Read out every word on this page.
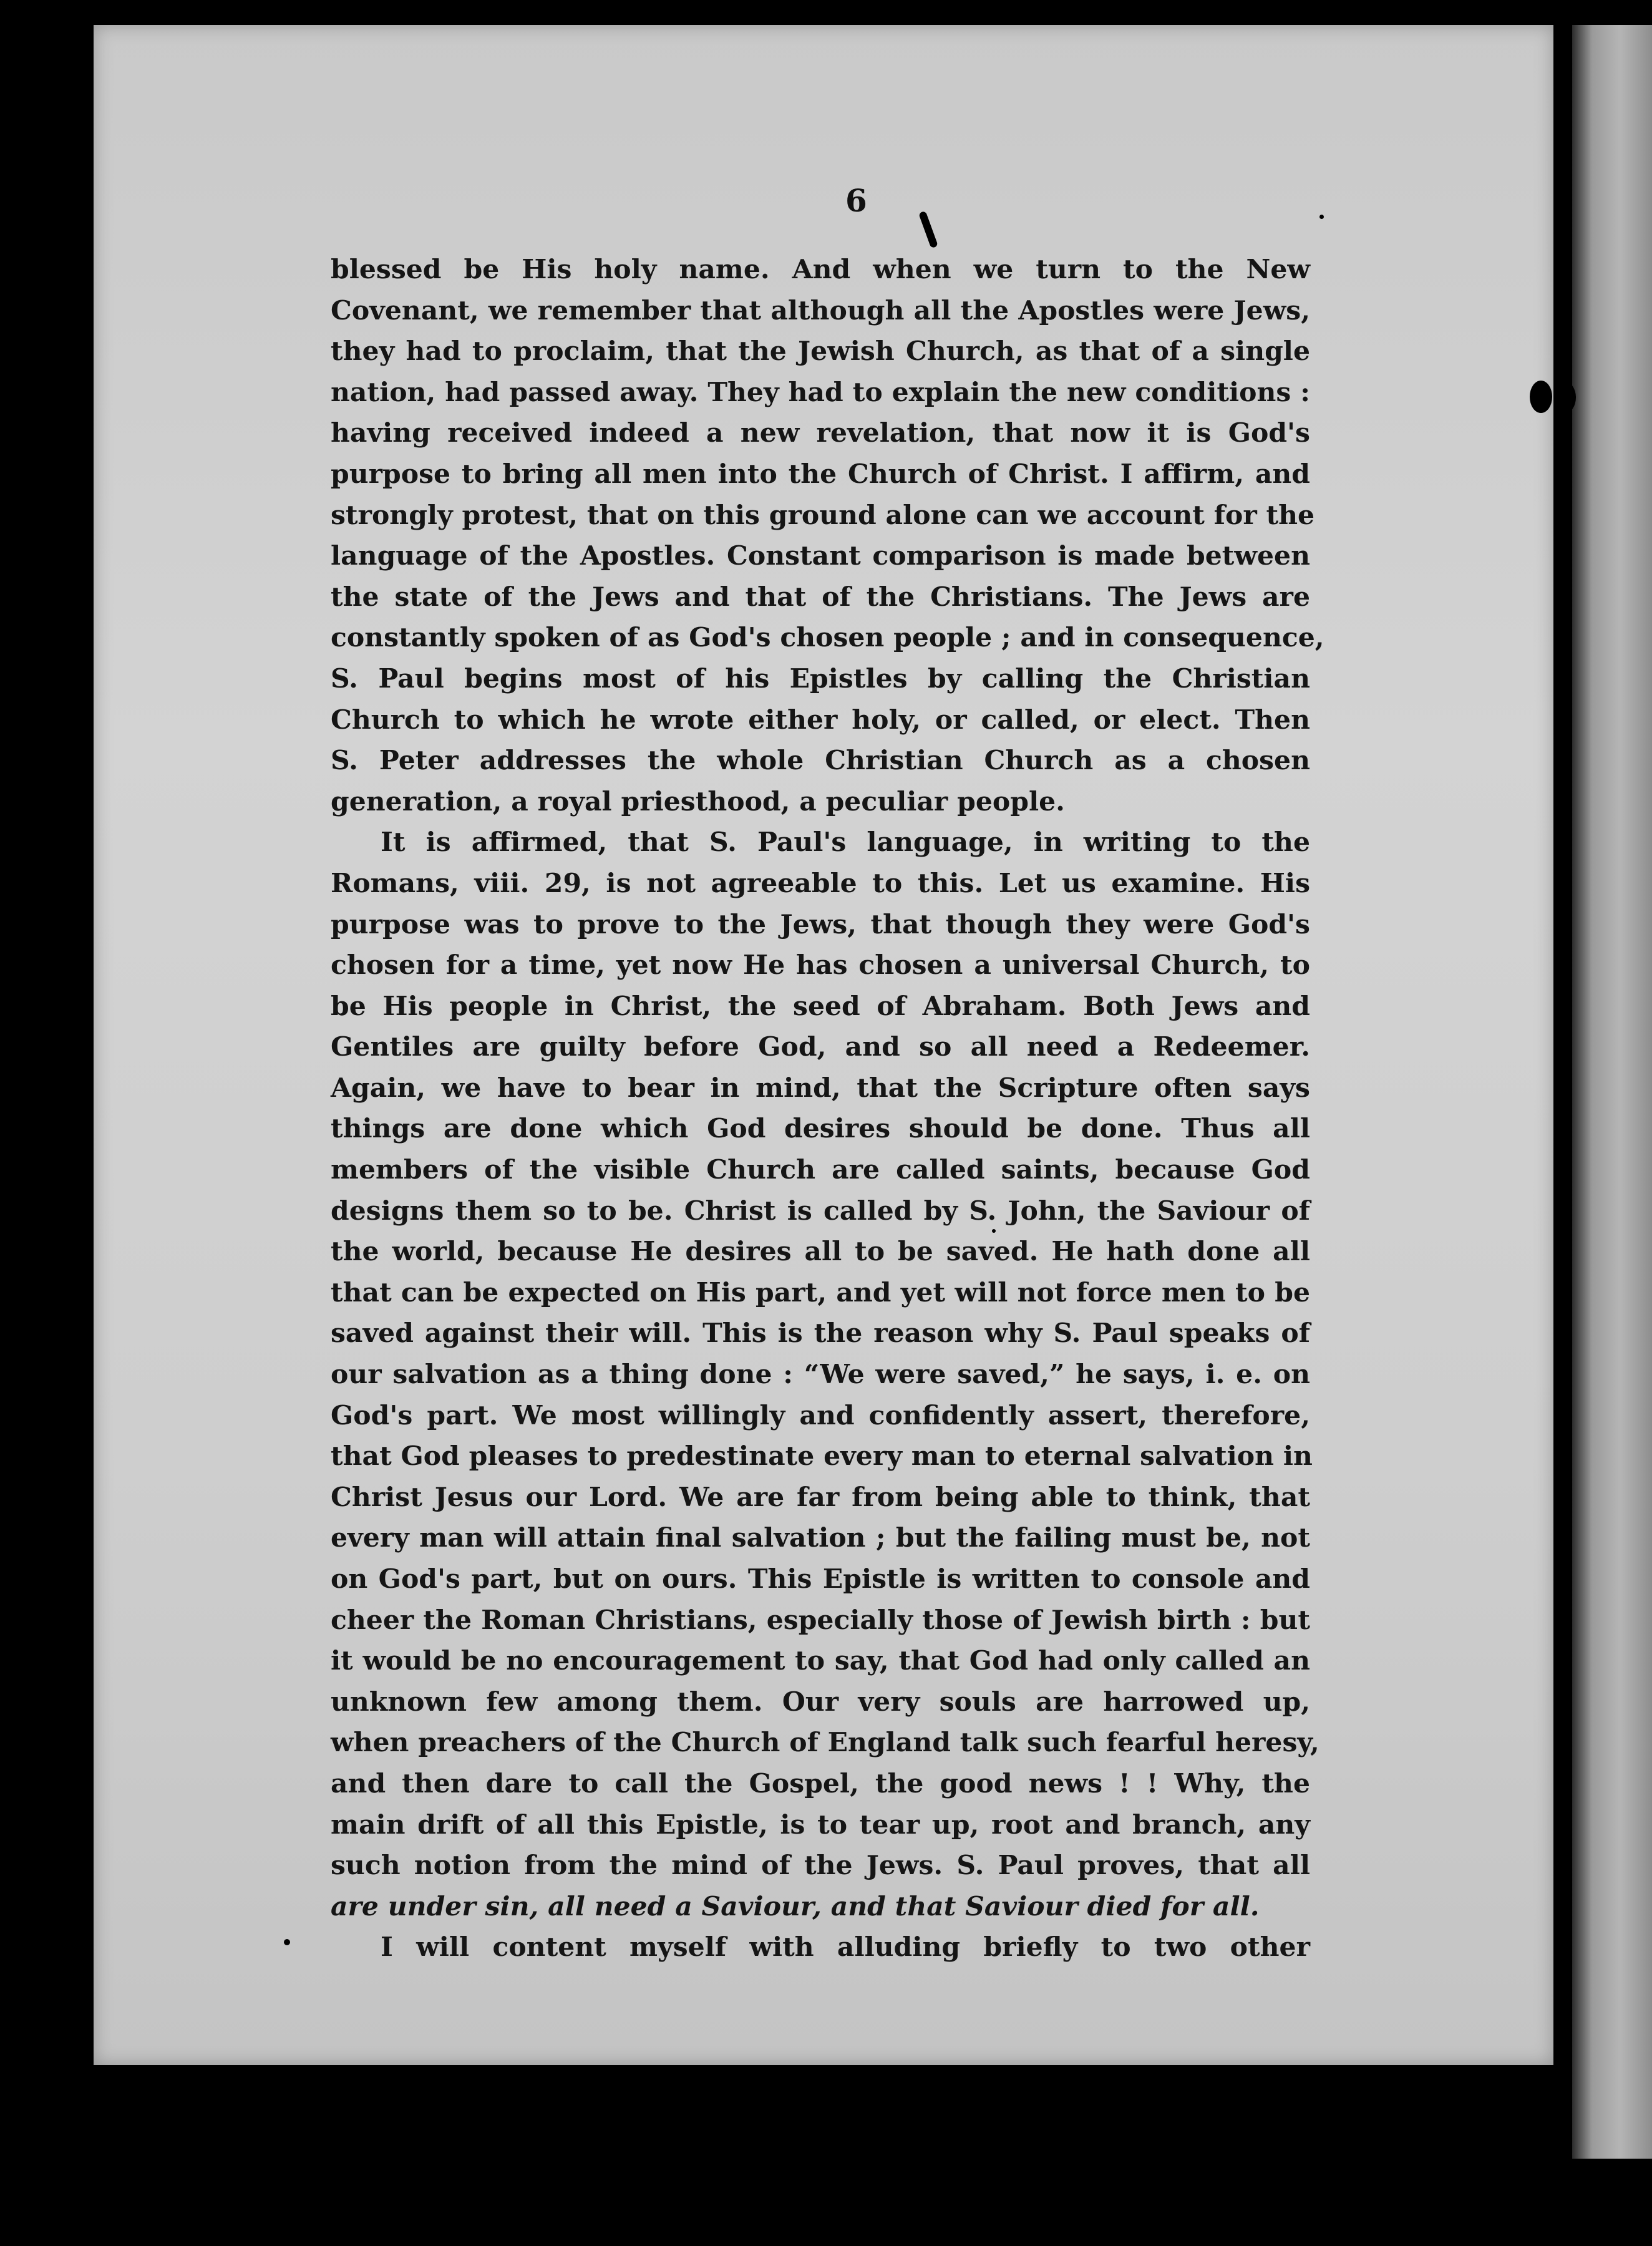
6
blessed be His holy name. And when we turn to the New
Covenant, we remember that although all the Apostles were Jews,
they had to proclaim, that the Jewish Church, as that of a single
nation, had passed away. They had to explain the new conditions :
having received indeed a new revelation, that now it is God's
purpose to bring all men into the Church of Christ. I affirm, and
strongly protest, that on this ground alone can we account for the
language of the Apostles. Constant comparison is made between
the state of the Jews and that of the Christians. The Jews are
constantly spoken of as God's chosen people ; and in consequence,
S. Paul begins most of his Epistles by calling the Christian
Church to which he wrote either holy, or called, or elect. Then
S. Peter addresses the whole Christian Church as a chosen
generation, a royal priesthood, a peculiar people.
It is affirmed, that S. Paul's language, in writing to the
Romans, viii. 29, is not agreeable to this. Let us examine. His
purpose was to prove to the Jews, that though they were God's
chosen for a time, yet now He has chosen a universal Church, to
be His people in Christ, the seed of Abraham. Both Jews and
Gentiles are guilty before God, and so all need a Redeemer.
Again, we have to bear in mind, that the Scripture often says
things are done which God desires should be done. Thus all
members of the visible Church are called saints, because God
designs them so to be. Christ is called by S. John, the Saviour of
the world, because He desires all to be saved. He hath done all
that can be expected on His part, and yet will not force men to be
saved against their will. This is the reason why S. Paul speaks of
our salvation as a thing done : “We were saved,” he says, i. e. on
God's part. We most willingly and confidently assert, therefore,
that God pleases to predestinate every man to eternal salvation in
Christ Jesus our Lord. We are far from being able to think, that
every man will attain final salvation ; but the failing must be, not
on God's part, but on ours. This Epistle is written to console and
cheer the Roman Christians, especially those of Jewish birth : but
it would be no encouragement to say, that God had only called an
unknown few among them. Our very souls are harrowed up,
when preachers of the Church of England talk such fearful heresy,
and then dare to call the Gospel, the good news ! ! Why, the
main drift of all this Epistle, is to tear up, root and branch, any
such notion from the mind of the Jews. S. Paul proves, that all
are under sin, all need a Saviour, and that Saviour died for all.
I will content myself with alluding briefly to two other
